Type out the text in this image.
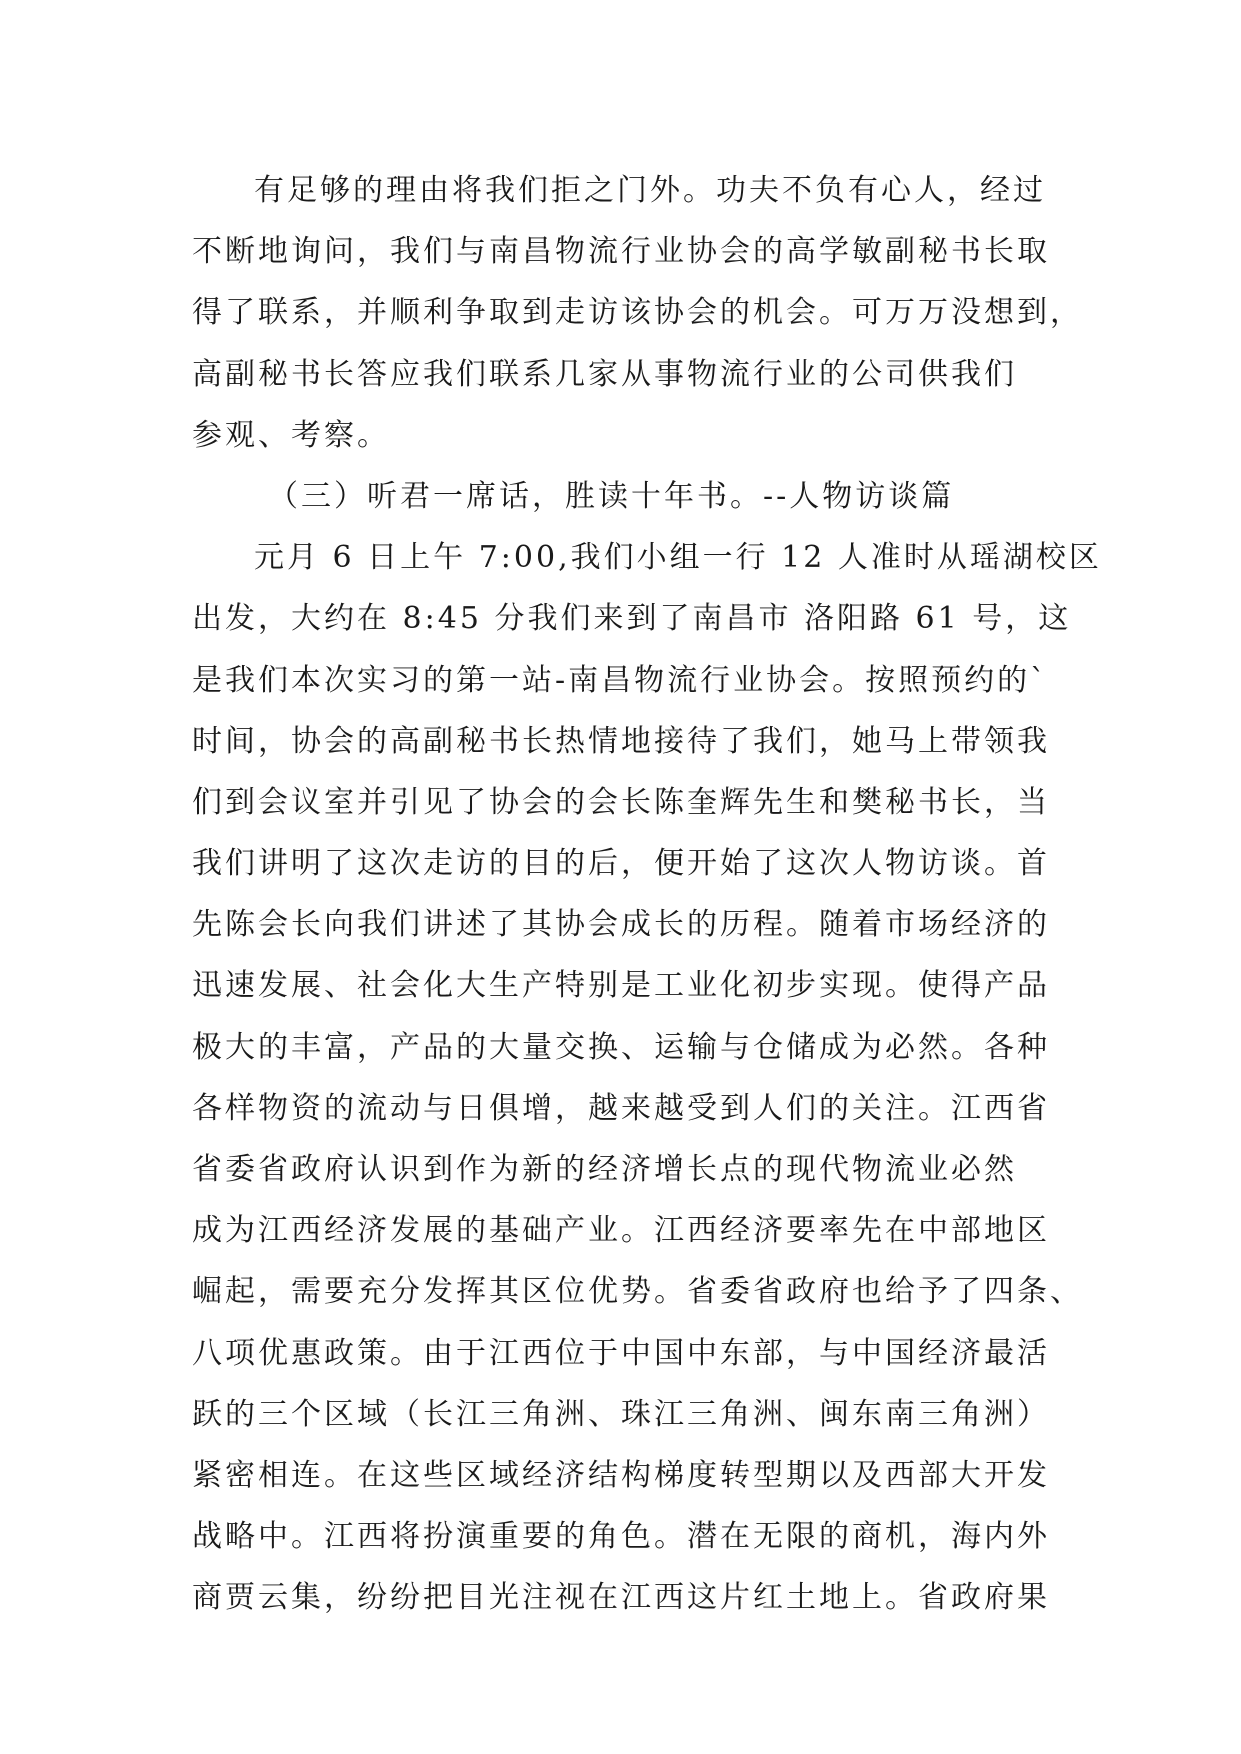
有足够的理由将我们拒之门外。功夫不负有心人，经过
不断地询问，我们与南昌物流行业协会的高学敏副秘书长取
得了联系，并顺利争取到走访该协会的机会。可万万没想到，
高副秘书长答应我们联系几家从事物流行业的公司供我们
参观、考察。
（三）听君一席话，胜读十年书。--人物访谈篇
元月 6 日上午 7:00,我们小组一行 12 人准时从瑶湖校区
出发，大约在 8:45 分我们来到了南昌市 洛阳路 61 号，这
是我们本次实习的第一站-南昌物流行业协会。按照预约的`
时间，协会的高副秘书长热情地接待了我们，她马上带领我
们到会议室并引见了协会的会长陈奎辉先生和樊秘书长，当
我们讲明了这次走访的目的后，便开始了这次人物访谈。首
先陈会长向我们讲述了其协会成长的历程。随着市场经济的
迅速发展、社会化大生产特别是工业化初步实现。使得产品
极大的丰富，产品的大量交换、运输与仓储成为必然。各种
各样物资的流动与日俱增，越来越受到人们的关注。江西省
省委省政府认识到作为新的经济增长点的现代物流业必然
成为江西经济发展的基础产业。江西经济要率先在中部地区
崛起，需要充分发挥其区位优势。省委省政府也给予了四条、
八项优惠政策。由于江西位于中国中东部，与中国经济最活
跃的三个区域（长江三角洲、珠江三角洲、闽东南三角洲）
紧密相连。在这些区域经济结构梯度转型期以及西部大开发
战略中。江西将扮演重要的角色。潜在无限的商机，海内外
商贾云集，纷纷把目光注视在江西这片红土地上。省政府果
